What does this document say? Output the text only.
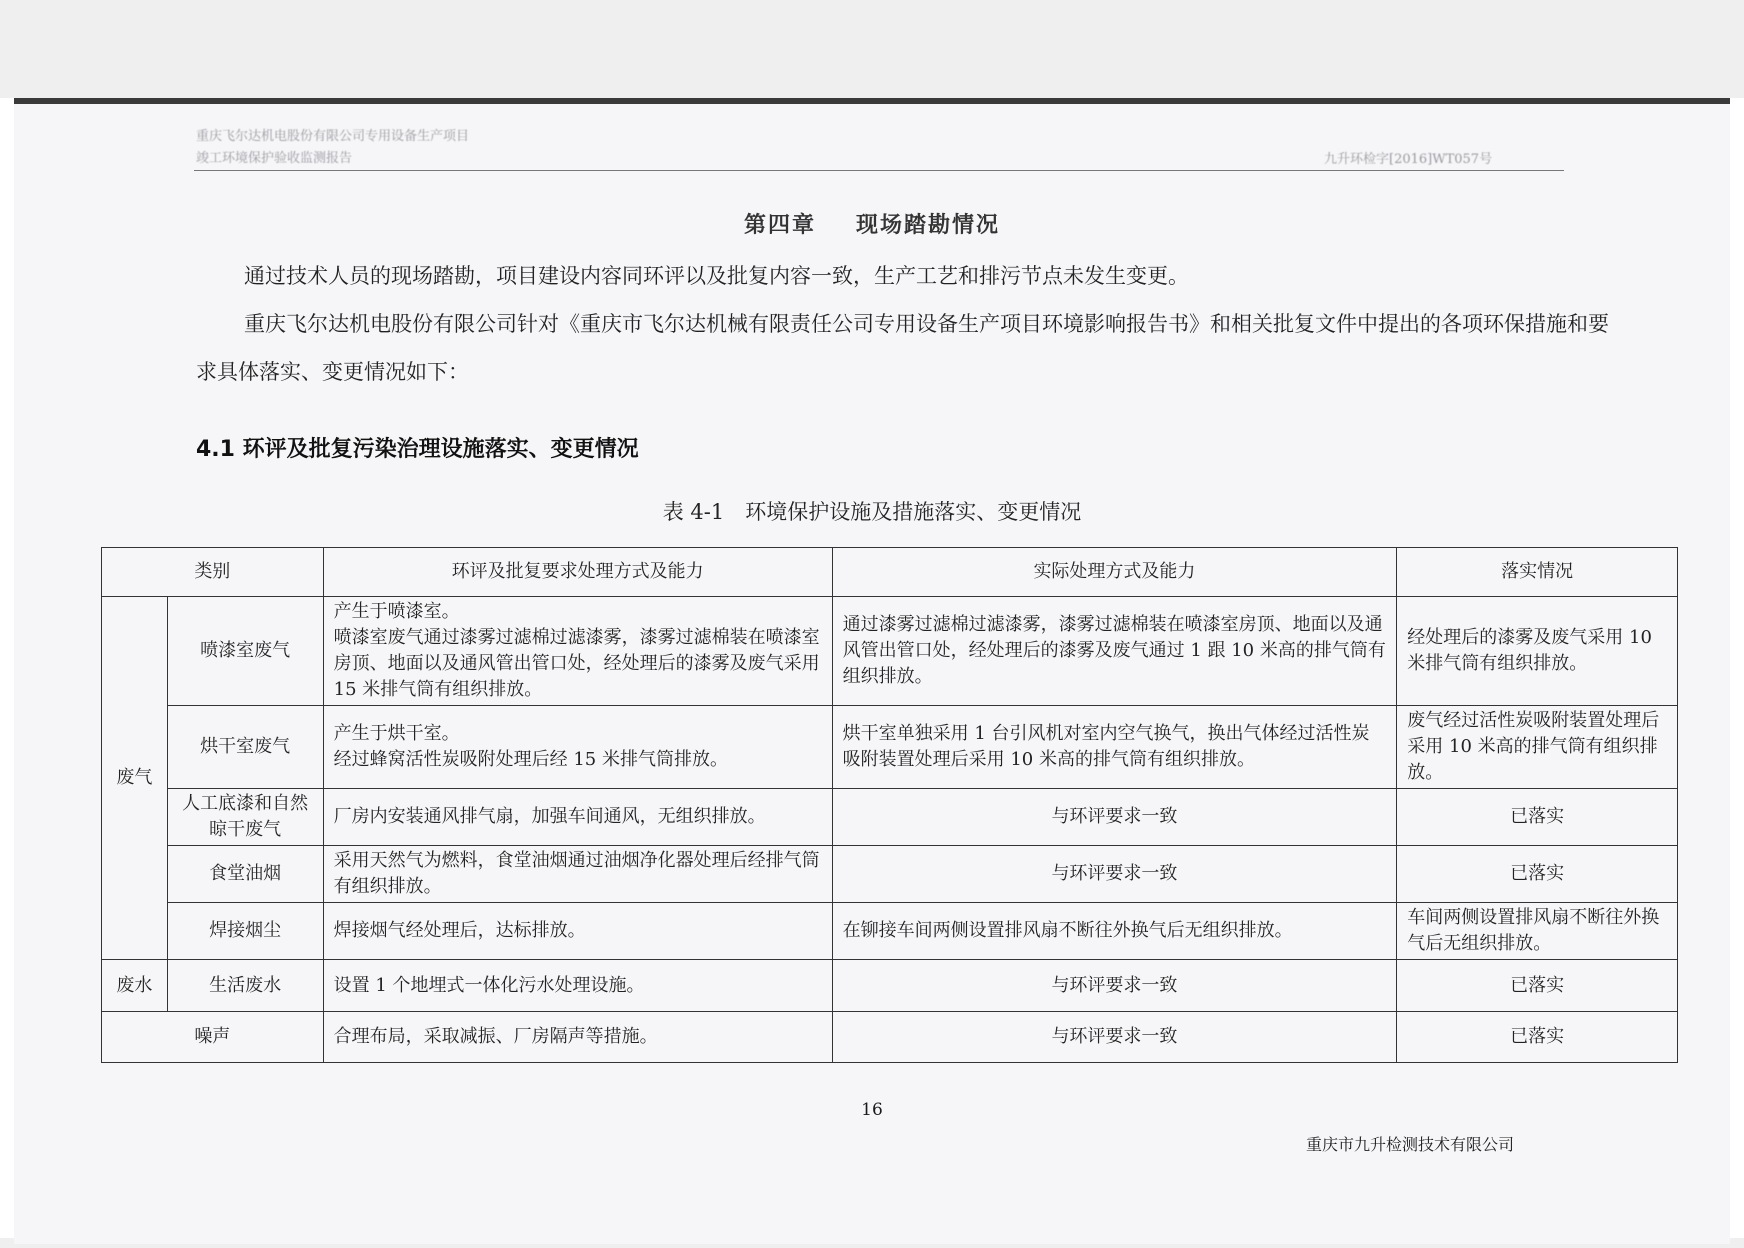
重庆飞尔达机电股份有限公司专用设备生产项目
竣工环境保护验收监测报告	九升环检字[2016]WT057号
第四章 现场踏勘情况
通过技术人员的现场踏勘，项目建设内容同环评以及批复内容一致，生产工艺和排污节点未发生变更。
重庆飞尔达机电股份有限公司针对《重庆市飞尔达机械有限责任公司专用设备生产项目环境影响报告书》和相关批复文件中提出的各项环保措施和要求具体落实、变更情况如下：
4.1 环评及批复污染治理设施落实、变更情况
表 4-1　环境保护设施及措施落实、变更情况
类别		环评及批复要求处理方式及能力	实际处理方式及能力	落实情况
废气	喷漆室废气	产生于喷漆室。
喷漆室废气通过漆雾过滤棉过滤漆雾，漆雾过滤棉装在喷漆室房顶、地面以及通风管出管口处，经处理后的漆雾及废气采用 15 米排气筒有组织排放。	通过漆雾过滤棉过滤漆雾，漆雾过滤棉装在喷漆室房顶、地面以及通风管出管口处，经处理后的漆雾及废气通过 1 跟 10 米高的排气筒有组织排放。	经处理后的漆雾及废气采用 10 米排气筒有组织排放。
	烘干室废气	产生于烘干室。
经过蜂窝活性炭吸附处理后经 15 米排气筒排放。	烘干室单独采用 1 台引风机对室内空气换气，换出气体经过活性炭吸附装置处理后采用 10 米高的排气筒有组织排放。	废气经过活性炭吸附装置处理后采用 10 米高的排气筒有组织排放。
	人工底漆和自然晾干废气	厂房内安装通风排气扇，加强车间通风，无组织排放。	与环评要求一致	已落实
	食堂油烟	采用天然气为燃料，食堂油烟通过油烟净化器处理后经排气筒有组织排放。	与环评要求一致	已落实
	焊接烟尘	焊接烟气经处理后，达标排放。	在铆接车间两侧设置排风扇不断往外换气后无组织排放。	车间两侧设置排风扇不断往外换气后无组织排放。
废水	生活废水	设置 1 个地埋式一体化污水处理设施。	与环评要求一致	已落实
噪声		合理布局，采取减振、厂房隔声等措施。	与环评要求一致	已落实
16
重庆市九升检测技术有限公司
